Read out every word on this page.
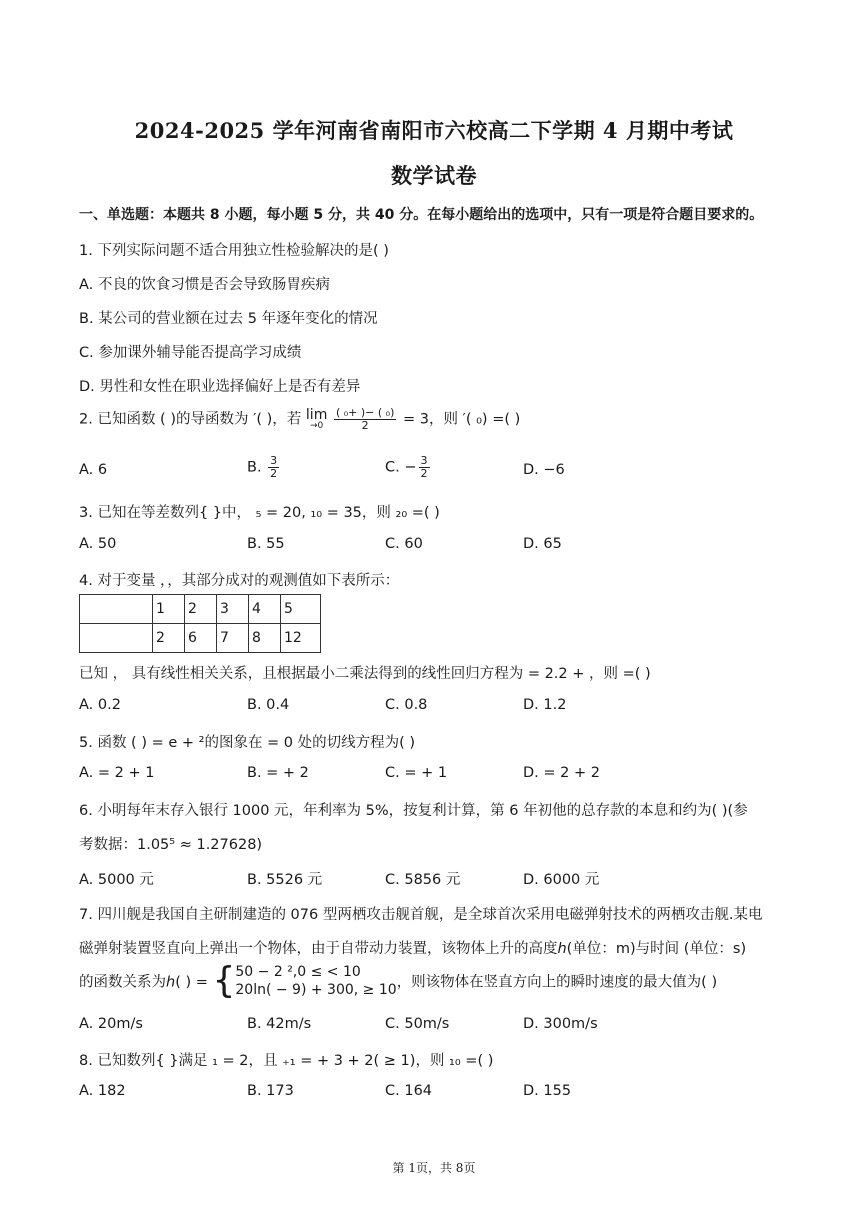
2024-2025 学年河南省南阳市六校高二下学期 4 月期中考试
数学试卷
一、单选题：本题共 8 小题，每小题 5 分，共 40 分。在每小题给出的选项中，只有一项是符合题目要求的。
1. 下列实际问题不适合用独立性检验解决的是( )
A. 不良的饮食习惯是否会导致肠胃疾病
B. 某公司的营业额在过去 5 年逐年变化的情况
C. 参加课外辅导能否提高学习成绩
D. 男性和女性在职业选择偏好上是否有差异
2. 已知函数 ( )的导函数为 ′( )，若 lim
→0
$\frac{\text{( ₀+ )− ( ₀)}}{2} = 3$，则 ′( ₀) =( )
A. 6	B. $\frac{3}{2}$	C. − $\frac{3}{2}$	D. −6
3. 已知在等差数列{ }中， ₅ = 20, ₁₀ = 35，则 ₂₀ =( )
A. 50	B. 55	C. 60	D. 65
4. 对于变量 ，，其部分成对的观测值如下表所示：
	1	2	3	4	5
	2	6	7	8	12
已知 ， 具有线性相关关系，且根据最小二乘法得到的线性回归方程为 = 2.2 + ，则 =( )
A. 0.2	B. 0.4	C. 0.8	D. 1.2
5. 函数 ( ) = e + ²的图象在 = 0 处的切线方程为( )
A. = 2 + 1	B. = + 2	C. = + 1	D. = 2 + 2
6. 小明每年末存入银行 1000 元，年利率为 5%，按复利计算，第 6 年初他的总存款的本息和约为( )(参
考数据：1.05⁵ ≈ 1.27628)
A. 5000 元	B. 5526 元	C. 5856 元	D. 6000 元
7. 四川舰是我国自主研制建造的 076 型两栖攻击舰首舰，是全球首次采用电磁弹射技术的两栖攻击舰.某电
磁弹射装置竖直向上弹出一个物体，由于自带动力装置，该物体上升的高度ℎ(单位：m)与时间 (单位：s)
的函数关系为ℎ( ) = { 50 − 2 ²,0 ≤ < 10
20ln( − 9) + 300, ≥ 10 ，则该物体在竖直方向上的瞬时速度的最大值为( )
A. 20m/s	B. 42m/s	C. 50m/s	D. 300m/s
8. 已知数列{ }满足 ₁ = 2，且 ₊₁ = + 3 + 2( ≥ 1)，则 ₁₀ =( )
A. 182	B. 173	C. 164	D. 155
第 1页，共 8页
